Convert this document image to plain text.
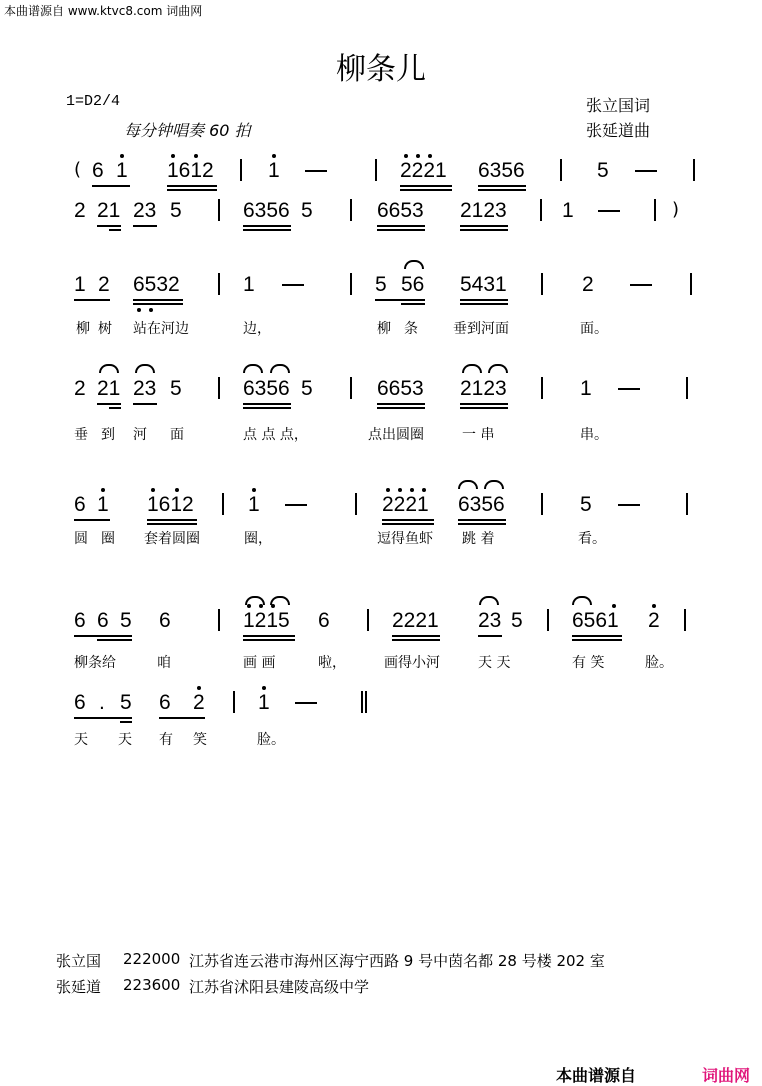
本曲谱源自 www.ktvc8.com 词曲网
柳条儿
1=D2/4
每分钟唱奏 60 拍
张立国词
张延道曲
( 6 1 1612	1	2221 6356	5
2 21 23 5	6356 5	6653 2123	1	)
1 2 6532	1	5 56 5431	2
柳 树 站在河边	边，	柳 条	垂到河面	面。
2 21 23 5	6356 5	6653 2123	1
垂 到 河 面	点 点 点，	点出圆圈	一 串	串。
6 1 1612	1	2221 6356	5
圆 圈 套着圆圈	圈，	逗得鱼虾 跳 着	看。
6 6 5 6	1215 6	2221 23 5 6561 2
柳条给	咱	画 画	啦，	画得小河	天 天	有 笑	脸。
6 . 5 6 2	1
天 天 有 笑	脸。
张立国 222000 江苏省连云港市海州区海宁西路 9 号中茵名都 28 号楼 202 室
张延道 223600 江苏省沭阳县建陵高级中学
本曲谱源自	词曲网
